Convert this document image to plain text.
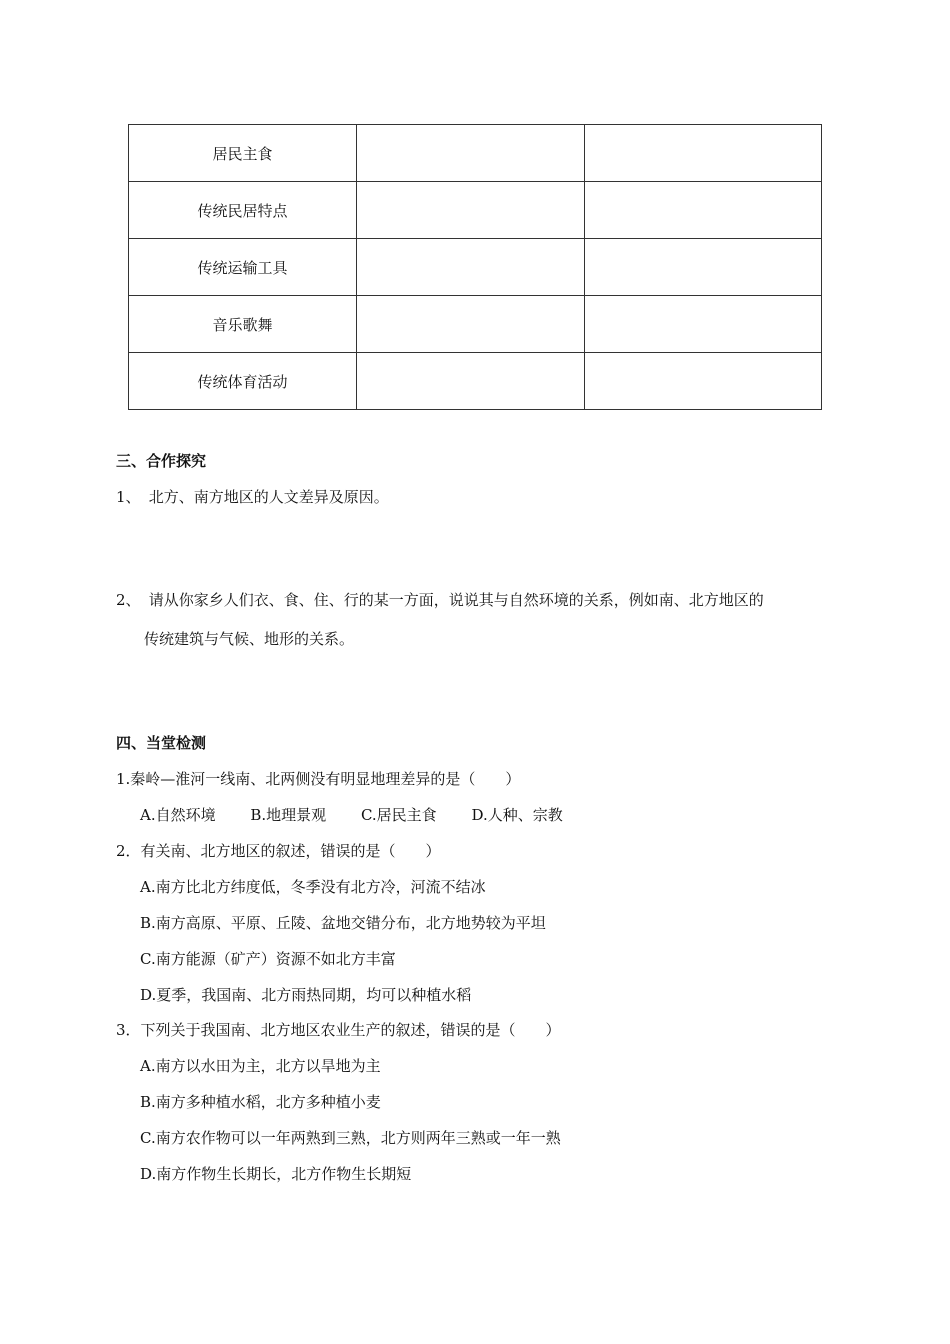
居民主食		
传统民居特点		
传统运输工具		
音乐歌舞		
传统体育活动		
三、合作探究
1、 北方、南方地区的人文差异及原因。
2、 请从你家乡人们衣、食、住、行的某一方面，说说其与自然环境的关系，例如南、北方地区的
传统建筑与气候、地形的关系。
四、当堂检测
1.秦岭—淮河一线南、北两侧没有明显地理差异的是（　　）
A.自然环境 B.地理景观 C.居民主食 D.人种、宗教
2．有关南、北方地区的叙述，错误的是（　　）
A.南方比北方纬度低，冬季没有北方冷，河流不结冰
B.南方高原、平原、丘陵、盆地交错分布，北方地势较为平坦
C.南方能源（矿产）资源不如北方丰富
D.夏季，我国南、北方雨热同期，均可以种植水稻
3．下列关于我国南、北方地区农业生产的叙述，错误的是（　　）
A.南方以水田为主，北方以旱地为主
B.南方多种植水稻，北方多种植小麦
C.南方农作物可以一年两熟到三熟，北方则两年三熟或一年一熟
D.南方作物生长期长，北方作物生长期短
